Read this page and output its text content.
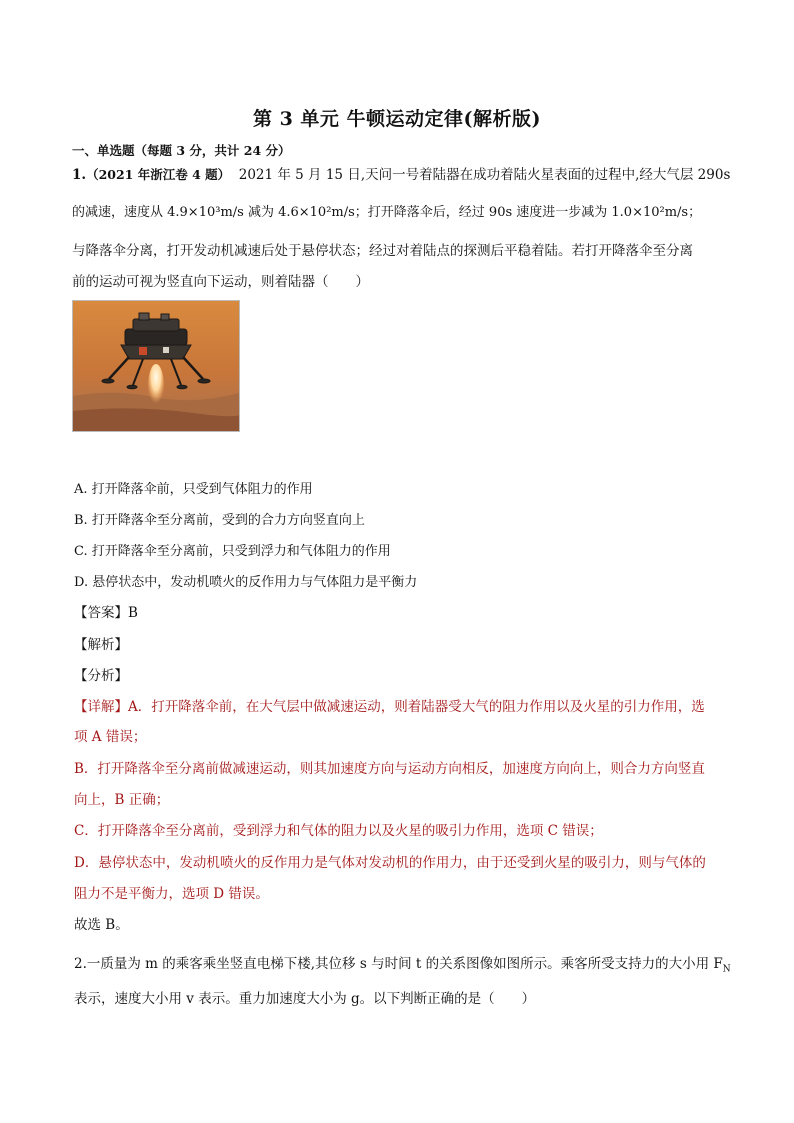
第 3 单元 牛顿运动定律(解析版)
一、单选题（每题 3 分，共计 24 分）
1.（2021 年浙江卷 4 题） 2021 年 5 月 15 日,天问一号着陆器在成功着陆火星表面的过程中,经大气层 290s
的减速，速度从 4.9×10³m/s 减为 4.6×10²m/s；打开降落伞后，经过 90s 速度进一步减为 1.0×10²m/s；
与降落伞分离，打开发动机减速后处于悬停状态；经过对着陆点的探测后平稳着陆。若打开降落伞至分离
前的运动可视为竖直向下运动，则着陆器（　　）
A. 打开降落伞前，只受到气体阻力的作用
B. 打开降落伞至分离前，受到的合力方向竖直向上
C. 打开降落伞至分离前，只受到浮力和气体阻力的作用
D. 悬停状态中，发动机喷火的反作用力与气体阻力是平衡力
【答案】B
【解析】
【分析】
【详解】A．打开降落伞前，在大气层中做减速运动，则着陆器受大气的阻力作用以及火星的引力作用，选
项 A 错误；
B．打开降落伞至分离前做减速运动，则其加速度方向与运动方向相反，加速度方向向上，则合力方向竖直
向上，B 正确；
C．打开降落伞至分离前，受到浮力和气体的阻力以及火星的吸引力作用，选项 C 错误；
D．悬停状态中，发动机喷火的反作用力是气体对发动机的作用力，由于还受到火星的吸引力，则与气体的
阻力不是平衡力，选项 D 错误。
故选 B。
2.一质量为 m 的乘客乘坐竖直电梯下楼,其位移 s 与时间 t 的关系图像如图所示。乘客所受支持力的大小用 $F_N$
表示，速度大小用 v 表示。重力加速度大小为 g。以下判断正确的是（　　）
